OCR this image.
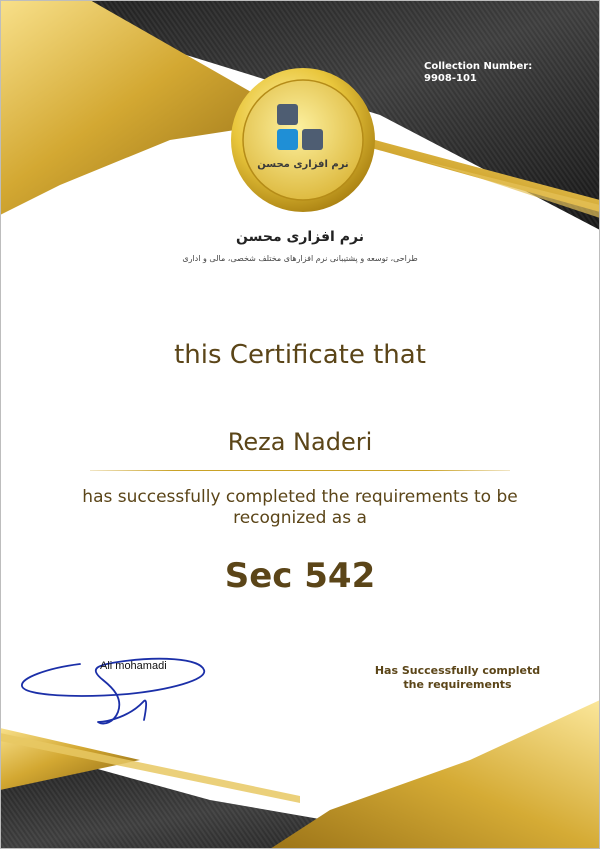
نرم افزاری محسن
Collection Number:
9908-101
نرم افزاری محسن
طراحی، توسعه و پشتیبانی نرم افزارهای مختلف شخصی، مالی و اداری
this Certificate that
Reza Naderi
has successfully completed the requirements to be
recognized as a
Sec 542
Ali mohamadi	Has Successfully completd
the requirements
